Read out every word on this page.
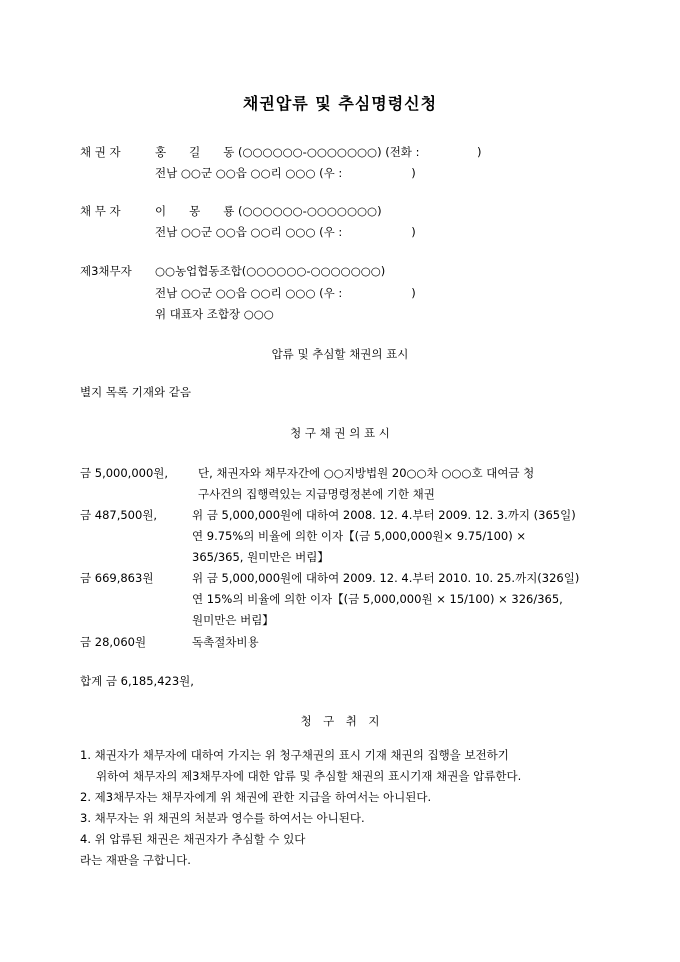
채권압류 및 추심명령신청
채 권 자	홍　　길　　동 (○○○○○○-○○○○○○○) (전화 :　　　　　)
전남 ○○군 ○○읍 ○○리 ○○○ (우 :　　　　　　)
채 무 자	이　　몽　　룡 (○○○○○○-○○○○○○○)
전남 ○○군 ○○읍 ○○리 ○○○ (우 :　　　　　　)
제3채무자 ○○농업협동조합(○○○○○○-○○○○○○○)
전남 ○○군 ○○읍 ○○리 ○○○ (우 :　　　　　　)
위 대표자 조합장 ○○○
압류 및 추심할 채권의 표시
별지 목록 기재와 같음
청 구 채 권 의 표 시
금 5,000,000원,	단, 채권자와 채무자간에 ○○지방법원 20○○차 ○○○호 대여금 청
구사건의 집행력있는 지급명령정본에 기한 채권
금 487,500원,	위 금 5,000,000원에 대하여 2008. 12. 4.부터 2009. 12. 3.까지 (365일)
연 9.75%의 비율에 의한 이자【(금 5,000,000원× 9.75/100) ×
365/365, 원미만은 버림】
금 669,863원	위 금 5,000,000원에 대하여 2009. 12. 4.부터 2010. 10. 25.까지(326일)
연 15%의 비율에 의한 이자【(금 5,000,000원 × 15/100) × 326/365,
원미만은 버림】
금 28,060원	독촉절차비용
합계 금 6,185,423원,
청　구　취　지
1. 채권자가 채무자에 대하여 가지는 위 청구채권의 표시 기재 채권의 집행을 보전하기
위하여 채무자의 제3채무자에 대한 압류 및 추심할 채권의 표시기재 채권을 압류한다.
2. 제3채무자는 채무자에게 위 채권에 관한 지급을 하여서는 아니된다.
3. 채무자는 위 채권의 처분과 영수를 하여서는 아니된다.
4. 위 압류된 채권은 채권자가 추심할 수 있다
라는 재판을 구합니다.
